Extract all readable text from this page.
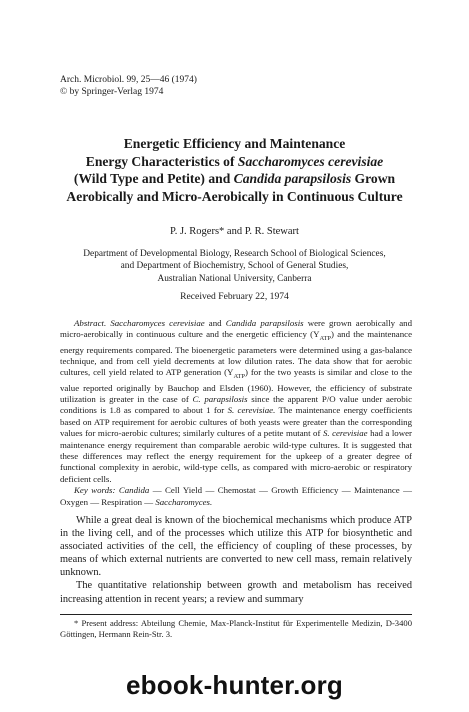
Arch. Microbiol. 99, 25—46 (1974)
© by Springer-Verlag 1974
Energetic Efficiency and Maintenance
Energy Characteristics of Saccharomyces cerevisiae
(Wild Type and Petite) and Candida parapsilosis Grown
Aerobically and Micro-Aerobically in Continuous Culture
P. J. Rogers* and P. R. Stewart
Department of Developmental Biology, Research School of Biological Sciences,
and Department of Biochemistry, School of General Studies,
Australian National University, Canberra
Received February 22, 1974

Abstract. Saccharomyces cerevisiae and Candida parapsilosis were grown aerobically and micro-aerobically in continuous culture and the energetic efficiency $(Y_{ATP})$ and the maintenance energy requirements compared. The bioenergetic parameters were determined using a gas-balance technique, and from cell yield decrements at low dilution rates. The data show that for aerobic cultures, cell yield related to ATP generation $(Y_{ATP})$ for the two yeasts is similar and close to the value reported originally by Bauchop and Elsden (1960). However, the efficiency of substrate utilization is greater in the case of C. parapsilosis since the apparent P/O value under aerobic conditions is 1.8 as compared to about 1 for S. cerevisiae. The maintenance energy coefficients based on ATP requirement for aerobic cultures of both yeasts were greater than the corresponding values for micro-aerobic cultures; similarly cultures of a petite mutant of S. cerevisiae had a lower maintenance energy requirement than comparable aerobic wild-type cultures. It is suggested that these differences may reflect the energy requirement for the upkeep of a greater degree of functional complexity in aerobic, wild-type cells, as compared with micro-aerobic or respiratory deficient cells.

Key words: Candida — Cell Yield — Chemostat — Growth Efficiency — Maintenance — Oxygen — Respiration — Saccharomyces.

While a great deal is known of the biochemical mechanisms which produce ATP in the living cell, and of the processes which utilize this ATP for biosynthetic and associated activities of the cell, the efficiency of coupling of these processes, by means of which external nutrients are converted to new cell mass, remain relatively unknown.

The quantitative relationship between growth and metabolism has received increasing attention in recent years; a review and summary

* Present address: Abteilung Chemie, Max-Planck-Institut für Experimentelle Medizin, D-3400 Göttingen, Hermann Rein-Str. 3.

ebook-hunter.org
